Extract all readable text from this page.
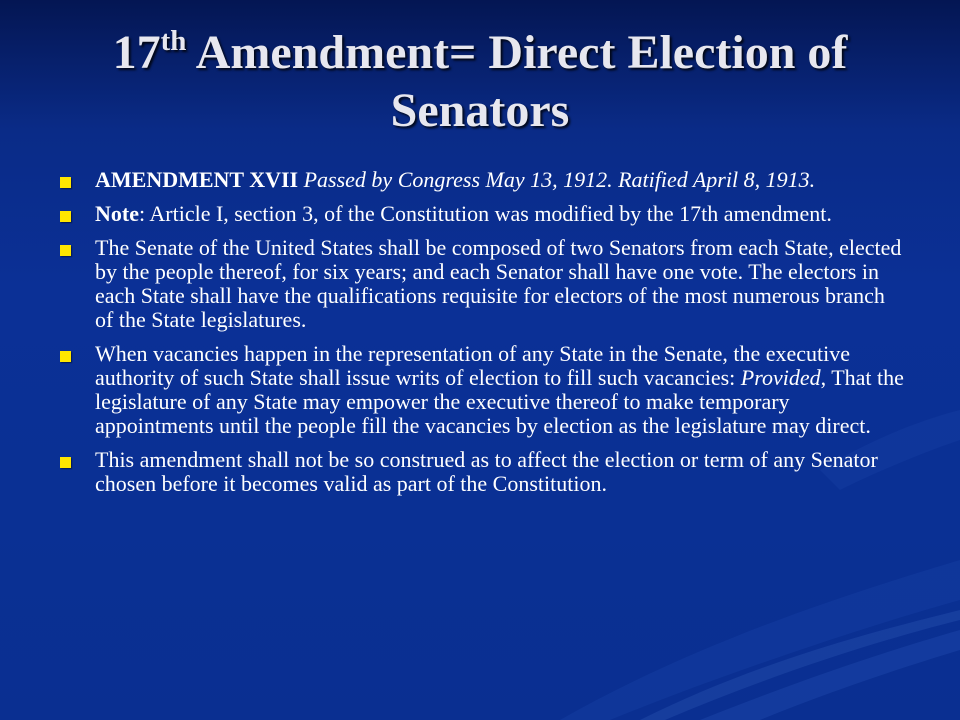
17th Amendment= Direct Election of Senators
AMENDMENT XVII Passed by Congress May 13, 1912. Ratified April 8, 1913.
Note: Article I, section 3, of the Constitution was modified by the 17th amendment.
The Senate of the United States shall be composed of two Senators from each State, elected by the people thereof, for six years; and each Senator shall have one vote. The electors in each State shall have the qualifications requisite for electors of the most numerous branch of the State legislatures.
When vacancies happen in the representation of any State in the Senate, the executive authority of such State shall issue writs of election to fill such vacancies: Provided, That the legislature of any State may empower the executive thereof to make temporary appointments until the people fill the vacancies by election as the legislature may direct.
This amendment shall not be so construed as to affect the election or term of any Senator chosen before it becomes valid as part of the Constitution.
